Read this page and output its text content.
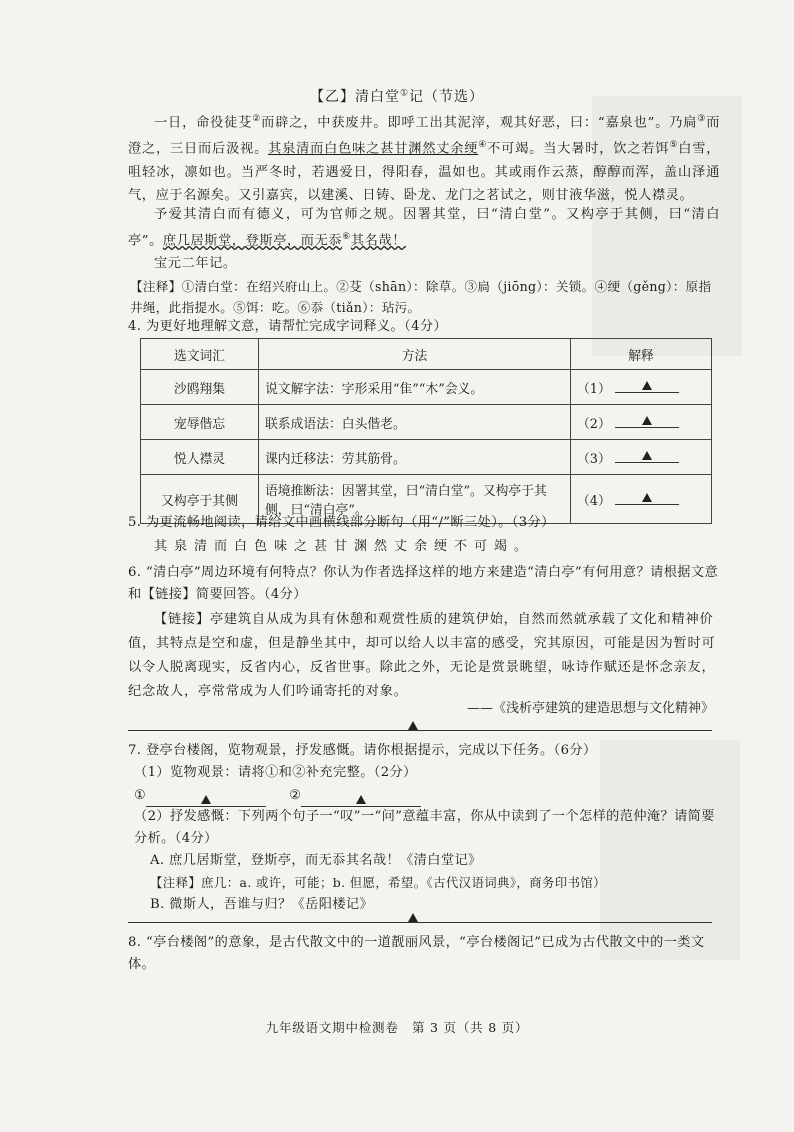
【乙】清白堂①记（节选）
一日，命役徒芟②而辟之，中获废井。即呼工出其泥滓，观其好恶，曰：“嘉泉也”。乃扃③而澄之，三日而后汲视。其泉清而白色味之甚甘渊然丈余绠④不可竭。当大暑时，饮之若饵⑤白雪，咀轻冰，凛如也。当严冬时，若遇爱日，得阳春，温如也。其或雨作云蒸，醇醇而浑，盖山泽通气，应于名源矣。又引嘉宾，以建溪、日铸、卧龙、龙门之茗试之，则甘液华滋，悦人襟灵。
予爱其清白而有德义，可为官师之规。因署其堂，曰“清白堂”。又构亭于其侧，曰“清白亭”。庶几居斯堂，登斯亭，而无忝⑥其名哉！
宝元二年记。
【注释】①清白堂：在绍兴府山上。②芟（shān）：除草。③扃（jiōng）：关锁。④绠（gěng）：原指井绳，此指提水。⑤饵：吃。⑥忝（tiǎn）：玷污。
4. 为更好地理解文意，请帮忙完成字词释义。（4分）
选文词汇	方法	解释
沙鸥翔集	说文解字法：字形采用“隹”“木”会义。	（1）

宠辱偕忘	联系成语法：白头偕老。	（2）

悦人襟灵	课内迁移法：劳其筋骨。	（3）

又构亭于其侧	语境推断法：因署其堂，曰“清白堂”。又构亭于其侧，曰“清白亭”。	（4）
5. 为更流畅地阅读，请给文中画横线部分断句（用“/”断三处）。（3分）
其泉清而白色味之甚甘渊然丈余绠不可竭。
6. “清白亭”周边环境有何特点？你认为作者选择这样的地方来建造“清白亭”有何用意？请根据文意和【链接】简要回答。（4分）
【链接】亭建筑自从成为具有休憩和观赏性质的建筑伊始，自然而然就承载了文化和精神价值，其特点是空和虚，但是静坐其中，却可以给人以丰富的感受，究其原因，可能是因为暂时可以令人脱离现实，反省内心，反省世事。除此之外，无论是赏景眺望，咏诗作赋还是怀念亲友，纪念故人，亭常常成为人们吟诵寄托的对象。
——《浅析亭建筑的建造思想与文化精神》
7. 登亭台楼阁，览物观景，抒发感慨。请你根据提示，完成以下任务。（6分）
（1）览物观景：请将①和②补充完整。（2分）
①	②
（2）抒发感慨：下列两个句子一“叹”一“问”意蕴丰富，你从中读到了一个怎样的范仲淹？请简要分析。（4分）
A. 庶几居斯堂，登斯亭，而无忝其名哉！《清白堂记》
【注释】庶几：a. 或许，可能；b. 但愿，希望。《古代汉语词典》，商务印书馆）
B. 微斯人，吾谁与归？《岳阳楼记》
8. “亭台楼阁”的意象，是古代散文中的一道靓丽风景，“亭台楼阁记”已成为古代散文中的一类文体。
九年级语文期中检测卷　第 3 页（共 8 页）
